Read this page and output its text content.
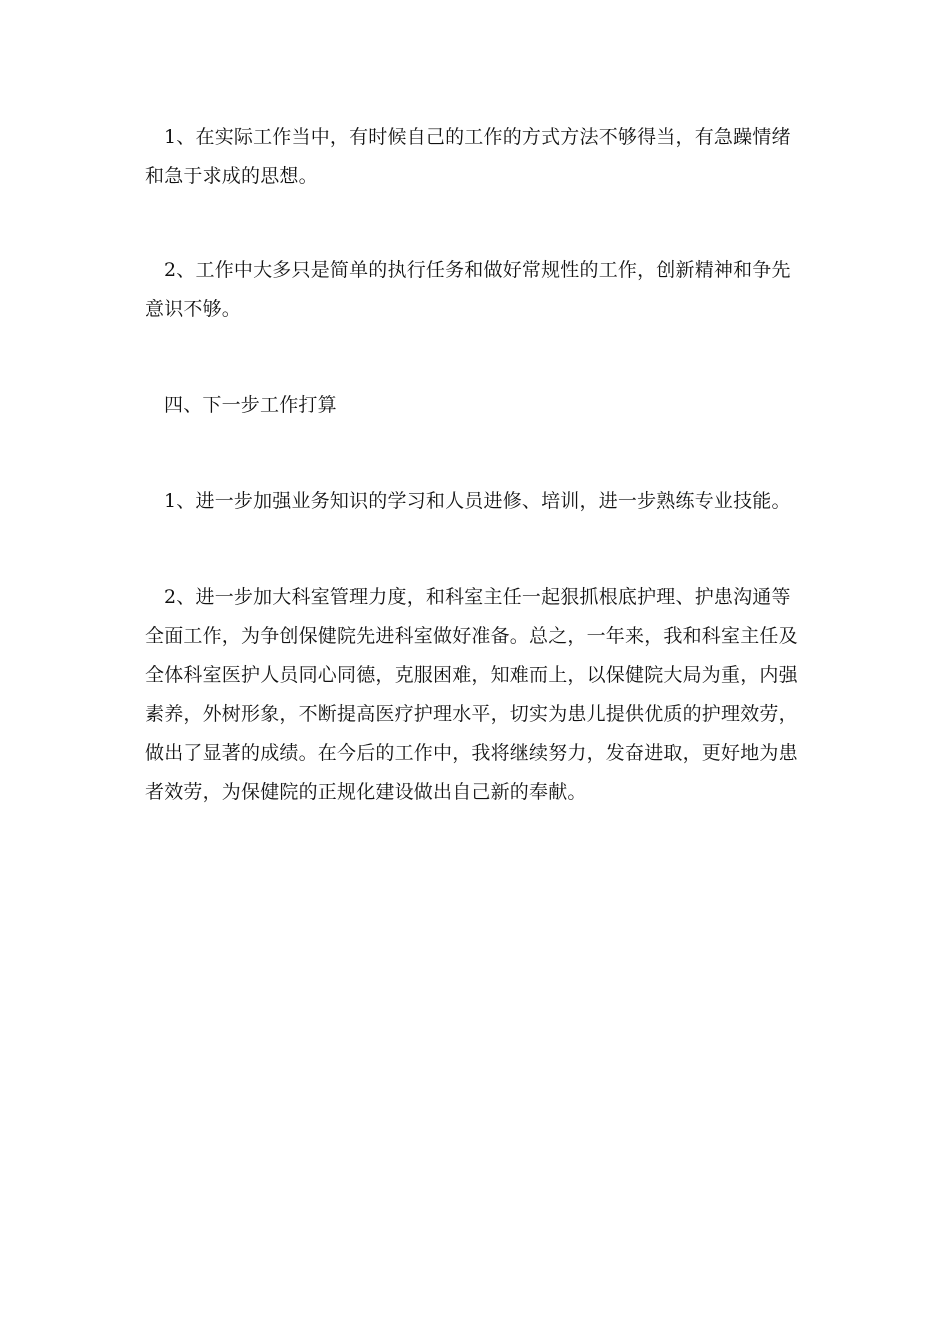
1、在实际工作当中，有时候自己的工作的方式方法不够得当，有急躁情绪和急于求成的思想。

2、工作中大多只是简单的执行任务和做好常规性的工作，创新精神和争先意识不够。

四、下一步工作打算

1、进一步加强业务知识的学习和人员进修、培训，进一步熟练专业技能。

2、进一步加大科室管理力度，和科室主任一起狠抓根底护理、护患沟通等全面工作，为争创保健院先进科室做好准备。总之，一年来，我和科室主任及全体科室医护人员同心同德，克服困难，知难而上，以保健院大局为重，内强素养，外树形象，不断提高医疗护理水平，切实为患儿提供优质的护理效劳，做出了显著的成绩。在今后的工作中，我将继续努力，发奋进取，更好地为患者效劳，为保健院的正规化建设做出自己新的奉献。
